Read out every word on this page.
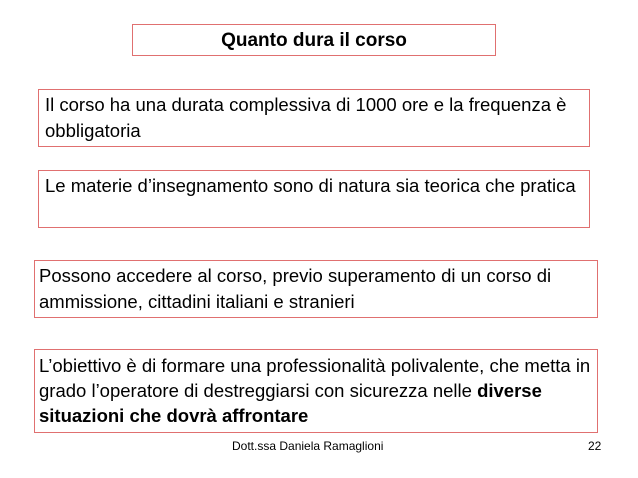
Quanto dura il corso
Il corso ha una durata complessiva di 1000 ore e la frequenza è obbligatoria
Le materie d’insegnamento sono di natura sia teorica che pratica
Possono accedere al corso, previo superamento di un corso di ammissione, cittadini italiani e stranieri
L’obiettivo è di formare una professionalità polivalente, che metta in grado l’operatore di destreggiarsi con sicurezza nelle diverse situazioni che dovrà affrontare
Dott.ssa Daniela Ramaglioni	22
